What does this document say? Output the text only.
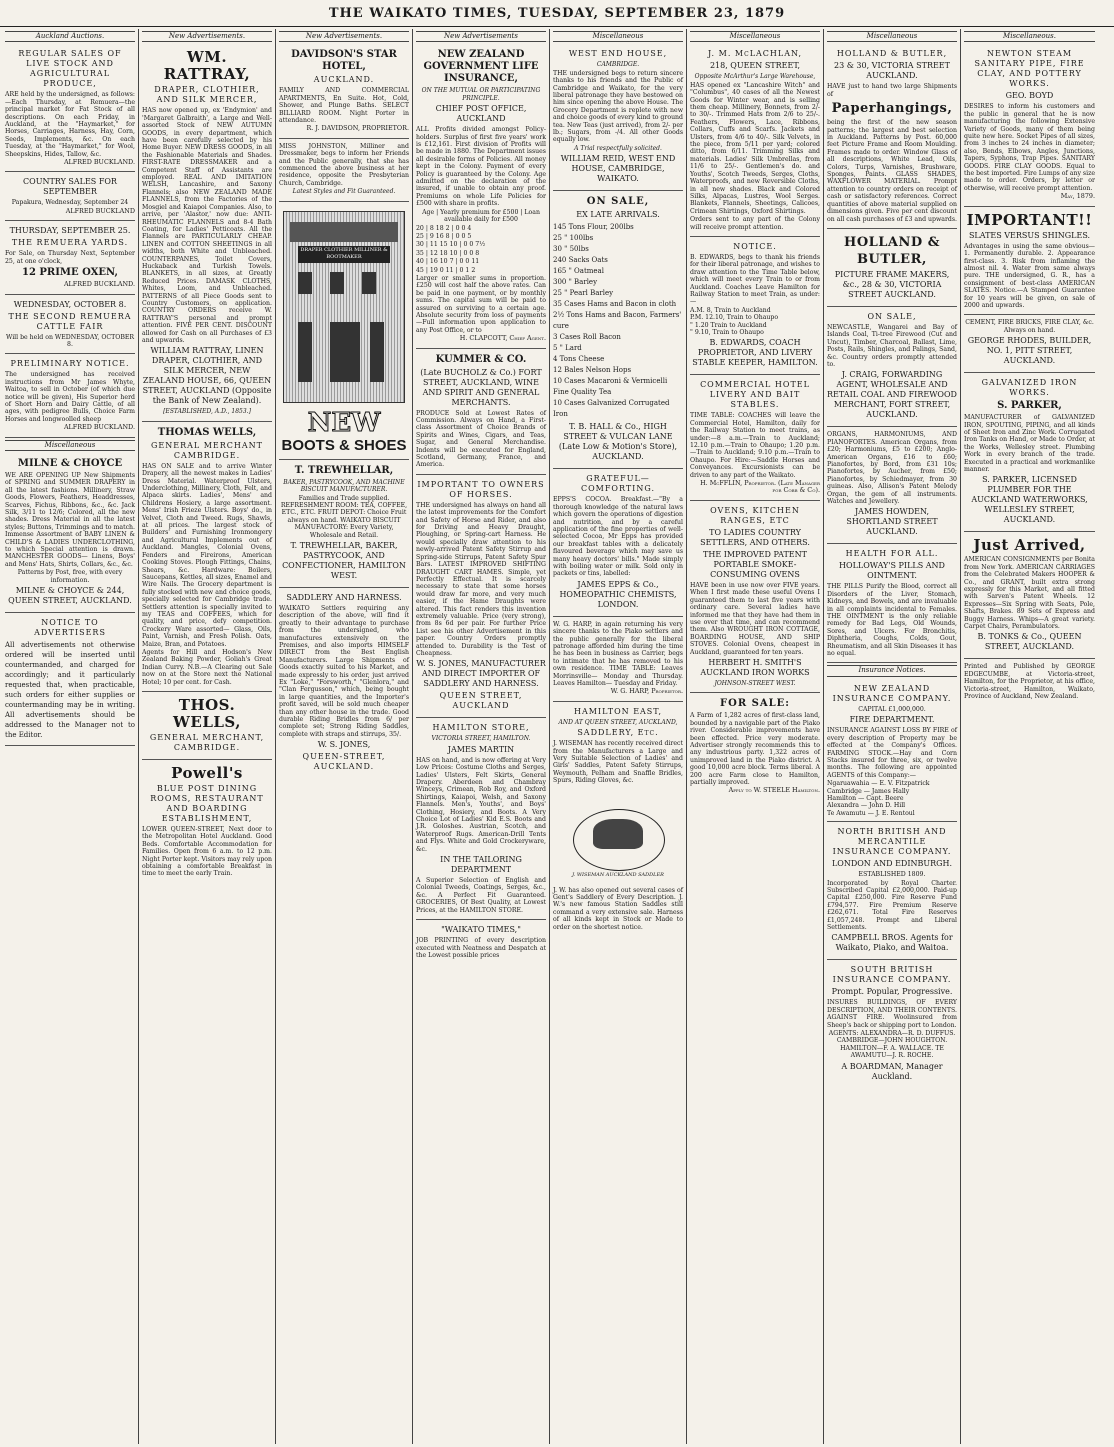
THE WAIKATO TIMES, TUESDAY, SEPTEMBER 23, 1879
Auckland Auctions.
REGULAR SALES OF LIVE STOCK AND AGRICULTURAL PRODUCE,

ARE held by the undersigned, as follows:—Each Thursday, at Remuera—the principal market for Fat Stock of all descriptions. On each Friday, in Auckland, at the "Haymarket," for Horses, Carriages, Harness, Hay, Corn, Seeds, Implements, &c. On each Tuesday, at the "Haymarket," for Wool, Sheepskins, Hides, Tallow, &c.

ALFRED BUCKLAND.
COUNTRY SALES FOR SEPTEMBER

Papakura, Wednesday, September 24

ALFRED BUCKLAND
THURSDAY, SEPTEMBER 25.
THE REMUERA YARDS.

For Sale, on Thursday Next, September 25, at one o'clock,

12 PRIME OXEN,
ALFRED BUCKLAND.
WEDNESDAY, OCTOBER 8.
THE SECOND REMUERA CATTLE FAIR

Will be held on WEDNESDAY, OCTOBER 8.

PRELIMINARY NOTICE.

The undersigned has received instructions from Mr James Whyte, Waitoa, to sell in October (of which due notice will be given), His Superior herd of Short Horn and Dairy Cattle, of all ages, with pedigree Bulls, Choice Farm Horses and longwoolled sheep

ALFRED BUCKLAND.
Miscellaneous
MILNE & CHOYCE

WE ARE OPENING UP New Shipments of SPRING and SUMMER DRAPERY in all the latest fashions. Millinery, Straw Goods, Flowers, Feathers, Headdresses, Scarves, Fichus, Ribbons, &c., &c. Jack Silk, 3/11 to 12/6; Colored, all the new shades. Dress Material in all the latest styles; Buttons, Trimmings and to match. Immense Assortment of BABY LINEN & CHILD'S & LADIES UNDERCLOTHING, to which Special attention is drawn. MANCHESTER GOODS— Linens, Boys' and Mens' Hats, Shirts, Collars, &c., &c.

Patterns by Post, free, with every information.

MILNE & CHOYCE & 244, QUEEN STREET, AUCKLAND.
NOTICE TO ADVERTISERS

All advertisements not otherwise ordered will be inserted until countermanded, and charged for accordingly; and it particularly requested that, when practicable, such orders for either supplies or countermanding may be in writing. All advertisements should be addressed to the Manager not to the Editor.

New Advertisements.
WM. RATTRAY,
DRAPER, CLOTHIER, AND SILK MERCER,

HAS now opened up, ex 'Endymion' and 'Margaret Galbraith', a Large and Well-assorted Stock of NEW AUTUMN GOODS, in every department, which have been carefully selected by his Home Buyer. NEW DRESS GOODS, in all the Fashionable Materials and Shades. FIRST-RATE DRESSMAKER and a Competent Staff of Assistants are employed. REAL AND IMITATION WELSH, Lancashire, and Saxony Flannels; also NEW ZEALAND MADE FLANNELS, from the Factories of the Mosgiel and Kaiapoi Companies. Also, to arrive, per 'Alastor,' now due: ANTI-RHEUMATIC FLANNELS and 8-4 Bath Coating, for Ladies' Petticoats. All the Flannels are PARTICULARLY CHEAP. LINEN and COTTON SHEETINGS in all widths, both White and Unbleached. COUNTERPANES, Toilet Covers, Huckaback and Turkish Towels. BLANKETS, in all sizes, at Greatly Reduced Prices. DAMASK CLOTHS, Whites, Loom, and Unbleached. PATTERNS of all Piece Goods sent to Country Customers, on application. COUNTRY ORDERS receive W. RATTRAY'S personal and prompt attention. FIVE PER CENT. DISCOUNT allowed for Cash on all Purchases of £3 and upwards.

WILLIAM RATTRAY, LINEN DRAPER, CLOTHIER, AND SILK MERCER, NEW ZEALAND HOUSE, 66, QUEEN STREET, AUCKLAND (Opposite the Bank of New Zealand).
[ESTABLISHED, A.D., 1853.]
THOMAS WELLS,
GENERAL MERCHANT CAMBRIDGE.

HAS ON SALE and to arrive Winter Drapery, all the newest makes in Ladies' Dress Material. Waterproof Ulsters, Underclothing, Millinery, Cloth, Felt, and Alpaca skirts. Ladies', Mens' and Childrens Hosiery, a large assortment. Mens' Irish Frieze Ulsters. Boys' do., in Velvet, Cloth and Tweed. Rugs, Shawls, at all prices. The largest stock of Builders' and Furnishing Ironmongery and Agricultural Implements out of Auckland. Mangles, Colonial Ovens, Fenders and Fireirons, American Cooking Stoves. Plough Fittings, Chains, Shears, &c. Hardware: Boilers, Saucepans, Kettles, all sizes, Enamel and Wire Nails. The Grocery department is fully stocked with new and choice goods, specially selected for Cambridge trade. Settlers attention is specially invited to my TEAS and COFFEES, which for quality, and price, defy competition. Crockery Ware assorted— Glass, Oils, Paint, Varnish, and Fresh Polish. Oats, Maize, Bran, and Potatoes.

Agents for Hill and Hodson's New Zealand Baking Powder, Goliah's Great Indian Curry. N.B.—A Clearing out Sale now on at the Store next the National Hotel; 10 per cent. for Cash.

THOS. WELLS,
GENERAL MERCHANT, CAMBRIDGE.
Powell's
BLUE POST DINING ROOMS, RESTAURANT AND BOARDING ESTABLISHMENT,

LOWER QUEEN-STREET, Next door to the Metropolitan Hotel Auckland. Good Beds. Comfortable Accommodation for Families. Open from 6 a.m. to 12 p.m. Night Porter kept. Visitors may rely upon obtaining a comfortable Breakfast in time to meet the early Train.

New Advertisements.
DAVIDSON'S STAR HOTEL,
AUCKLAND.

FAMILY AND COMMERCIAL APARTMENTS, En Suite. Hot, Cold, Shower, and Plunge Baths. SELECT BILLIARD ROOM. Night Porter in attendance.

R. J. DAVIDSON, PROPRIETOR.

MISS JOHNSTON, Milliner and Dressmaker, begs to inform her Friends and the Public generally, that she has commenced the above business at her residence, opposite the Presbyterian Church, Cambridge.

Latest Styles and Fit Guaranteed.

DRAPER CLOTHIER MILLINER & BOOTMAKER
NEW
BOOTS & SHOES
T. TREWHELLAR,
BAKER, PASTRYCOOK, AND MACHINE BISCUIT MANUFACTURER.

Families and Trade supplied. REFRESHMENT ROOM: TEA, COFFEE, ETC., ETC. FRUIT DEPOT: Choice Fruit always on hand. WAIKATO BISCUIT MANUFACTORY: Every Variety, Wholesale and Retail.

T. TREWHELLAR, BAKER, PASTRYCOOK, AND CONFECTIONER, HAMILTON WEST.
SADDLERY AND HARNESS.

WAIKATO Settlers requiring any description of the above, will find it greatly to their advantage to purchase from the undersigned, who manufactures extensively on the Premises, and also imports HIMSELF DIRECT from the Best English Manufacturers. Large Shipments of Goods exactly suited to his Market, and made expressly to his order, just arrived Ex "Loke," "Forsworth," "Glenlora," and "Clan Fergusson," which, being bought in large quantities, and the Importer's profit saved, will be sold much cheaper than any other house in the trade. Good durable Riding Bridles from 6/ per complete set; Strong Riding Saddles, complete with straps and stirrups, 35/.

W. S. JONES,
QUEEN-STREET, AUCKLAND.
New Advertisements
NEW ZEALAND GOVERNMENT LIFE INSURANCE,
ON THE MUTUAL OR PARTICIPATING PRINCIPLE.
CHIEF POST OFFICE, AUCKLAND

ALL Profits divided amongst Policy-holders. Surplus of first five years' work is £12,161. First division of Profits will be made in 1880. The Department issues all desirable forms of Policies. All money kept in the Colony. Payment of every Policy is guaranteed by the Colony. Age admitted on the declaration of the insured, if unable to obtain any proof. Premiums on whole Life Policies for £500 with share in profits.

Age | Yearly premium for £500 | Loan available daily for £500
20 | 8 18 2 | 0 0 4
25 | 9 16 8 | 0 0 5
30 | 11 15 10 | 0 0 7½
35 | 12 18 10 | 0 0 8
40 | 16 10 7 | 0 0 11
45 | 19 0 11 | 0 1 2

Larger or smaller sums in proportion. £250 will cost half the above rates. Can be paid in one payment, or by monthly sums. The capital sum will be paid to assured on surviving to a certain age. Absolute security from loss of payments—Full information upon application to any Post Office, or to

H. CLAPCOTT, Chief Agent.
KUMMER & CO.
(Late BUCHOLZ & Co.) FORT STREET, AUCKLAND, WINE AND SPIRIT AND GENERAL MERCHANTS.

PRODUCE Sold at Lowest Rates of Commission. Always on Hand, a First-class Assortment of Choice Brands of Spirits and Wines, Cigars, and Teas, Sugar, and General Merchandise. Indents will be executed for England, Scotland, Germany, France, and America.

IMPORTANT TO OWNERS OF HORSES.

THE undersigned has always on hand all the latest improvements for the Comfort and Safety of Horse and Rider, and also for Driving and Heavy Draught, Ploughing, or Spring-cart Harness. He would specially draw attention to his newly-arrived Patent Safety Stirrup and Spring-side Stirrups, Patent Safety Spur Bars. LATEST IMPROVED SHIFTING DRAUGHT CART HAMES. Simple, yet Perfectly Effectual. It is scarcely necessary to state that some horses would draw far more, and very much easier, if the Hame Draughts were altered. This fact renders this invention extremely valuable. Price (very strong), from 8s 6d per pair. For further Price List see his other Advertisement in this paper. Country Orders promptly attended to. Durability is the Test of Cheapness.

W. S. JONES, MANUFACTURER AND DIRECT IMPORTER OF SADDLERY AND HARNESS.
QUEEN STREET, AUCKLAND
HAMILTON STORE,
VICTORIA STREET, HAMILTON.
JAMES MARTIN

HAS on hand, and is now offering at Very Low Prices: Costume Cloths and Serges, Ladies' Ulsters, Felt Skirts, General Drapery. Aberdeen and Chambray Winceys, Crimean, Rob Roy, and Oxford Shirtings, Kaiapoi, Welsh, and Saxony Flannels. Men's, Youths', and Boys' Clothing, Hosiery, and Boots. A Very Choice Lot of Ladies' Kid E.S. Boots and J.R. Goloshes. Austrian, Scotch, and Waterproof Rugs. American-Drill Tents and Flys. White and Gold Crockeryware, &c.

IN THE TAILORING DEPARTMENT

A Superior Selection of English and Colonial Tweeds, Coatings, Serges, &c., &c. A Perfect Fit Guaranteed. GROCERIES, Of Best Quality, at Lowest Prices, at the HAMILTON STORE.

"WAIKATO TIMES,"

JOB PRINTING of every description executed with Neatness and Despatch at the Lowest possible prices

Miscellaneous
WEST END HOUSE,
CAMBRIDGE.

THE undersigned begs to return sincere thanks to his friends and the Public of Cambridge and Waikato, for the very liberal patronage they have bestowed on him since opening the above House. The Grocery Department is replete with new and choice goods of every kind to ground tea. New Teas (just arrived), from 2/- per lb.; Sugars, from -/4. All other Goods equally low.

A Trial respectfully solicited.

WILLIAM REID, WEST END HOUSE, CAMBRIDGE, WAIKATO.
ON SALE,
EX LATE ARRIVALS.
145 Tons Flour, 200lbs
25 " 100lbs
30 " 50lbs
240 Sacks Oats
165 " Oatmeal
300 " Barley
25 " Pearl Barley
35 Cases Hams and Bacon in cloth
2½ Tons Hams and Bacon, Farmers' cure
3 Cases Roll Bacon
5 " Lard
4 Tons Cheese
12 Bales Nelson Hops
10 Cases Macaroni & Vermicelli
Fine Quality Tea
10 Cases Galvanized Corrugated Iron
T. B. HALL & Co., HIGH STREET & VULCAN LANE (Late Low & Motion's Store), AUCKLAND.
GRATEFUL—COMFORTING.

EPPS'S COCOA. Breakfast.—"By a thorough knowledge of the natural laws which govern the operations of digestion and nutrition, and by a careful application of the fine properties of well-selected Cocoa, Mr Epps has provided our breakfast tables with a delicately flavoured beverage which may save us many heavy doctors' bills." Made simply with boiling water or milk. Sold only in packets or tins, labelled:

JAMES EPPS & Co., HOMEOPATHIC CHEMISTS, LONDON.

W. G. HARP, in again returning his very sincere thanks to the Piako settlers and the public generally for the liberal patronage afforded him during the time he has been in business as Carrier, begs to intimate that he has removed to his own residence. TIME TABLE: Leaves Morrinsville— Monday and Thursday. Leaves Hamilton— Tuesday and Friday.

W. G. HARP, Proprietor.
HAMILTON EAST,
AND AT QUEEN STREET, AUCKLAND,
SADDLERY, Etc.

J. WISEMAN has recently received direct from the Manufacturers a Large and Very Suitable Selection of Ladies' and Girls' Saddles, Patent Safety Stirrups, Weymouth, Pelham and Snaffle Bridles, Spurs, Riding Gloves, &c.

J. WISEMAN AUCKLAND SADDLER

J. W. has also opened out several cases of Gent's Saddlery of Every Description. J. W.'s new famous Station Saddles still command a very extensive sale. Harness of all kinds kept in Stock or Made to order on the shortest notice.

Miscellaneous
J. M. McLACHLAN,
218, QUEEN STREET,
Opposite McArthur's Large Warehouse,

HAS opened ex "Lancashire Witch" and "Columbus", 40 cases of all the Newest Goods for Winter wear, and is selling them cheap. Millinery, Bonnets, from 2/- to 30/-. Trimmed Hats from 2/6 to 25/-. Feathers, Flowers, Lace, Ribbons, Collars, Cuffs and Scarfs. Jackets and Ulsters, from 4/6 to 40/-. Silk Velvets, in the piece, from 5/11 per yard; colored ditto, from 6/11. Trimming Silks and materials. Ladies' Silk Umbrellas, from 11/6 to 25/-. Gentlemen's do. and Youths', Scotch Tweeds, Serges, Cloths, Waterproofs, and new Reversible Cloths, in all new shades. Black and Colored Silks, Alpacas, Lustres, Wool Serges. Blankets, Flannels, Sheetings, Calicoes, Crimean Shirtings, Oxford Shirtings.

Orders sent to any part of the Colony will receive prompt attention.

NOTICE.

B. EDWARDS, begs to thank his friends for their liberal patronage, and wishes to draw attention to the Time Table below, which will meet every Train to or from Auckland. Coaches Leave Hamilton for Railway Station to meet Train, as under:—

A.M. 8, Train to Auckland
P.M. 12.10, Train to Ohaupo
" 1.20 Train to Auckland
" 9.10, Train to Ohaupo
B. EDWARDS, COACH PROPRIETOR, AND LIVERY STABLE KEEPER, HAMILTON.
COMMERCIAL HOTEL LIVERY AND BAIT STABLES.

TIME TABLE: COACHES will leave the Commercial Hotel, Hamilton, daily for the Railway Station to meet trains, as under:—8 a.m.—Train to Auckland; 12.10 p.m.—Train to Ohaupo; 1.20 p.m.—Train to Auckland; 9.10 p.m.—Train to Ohaupo. For Hire:—Saddle Horses and Conveyances. Excursionists can be driven to any part of the Waikato.

H. McFFLIN, Proprietor. (Late Manager for Cobb & Co).
OVENS, KITCHEN RANGES, ETC
TO LADIES COUNTRY SETTLERS, AND OTHERS.
THE IMPROVED PATENT PORTABLE SMOKE-CONSUMING OVENS

HAVE been in use now over FIVE years. When I first made these useful Ovens I guaranteed them to last five years with ordinary care. Several ladies have informed me that they have had them in use over that time, and can recommend them. Also WROUGHT IRON COTTAGE, BOARDING HOUSE, AND SHIP STOVES. Colonial Ovens, cheapest in Auckland, guaranteed for ten years.

HERBERT H. SMITH'S AUCKLAND IRON WORKS
JOHNSON-STREET WEST.
FOR SALE:

A Farm of 1,282 acres of first-class land, bounded by a navigable part of the Piako river. Considerable improvements have been effected. Price very moderate. Advertiser strongly recommends this to any industrious party. 1,322 acres of unimproved land in the Piako district. A good 10,000 acre block. Terms liberal. A 200 acre Farm close to Hamilton, partially improved.

Apply to W. STEELE Hamilton.
Miscellaneous
HOLLAND & BUTLER,
23 & 30, VICTORIA STREET AUCKLAND.

HAVE just to hand two large Shipments of

Paperhangings,

being the first of the new season patterns; the largest and best selection in Auckland. Patterns by Post. 60,000 feet Picture Frame and Room Moulding. Frames made to order. Window Glass of all descriptions, White Lead, Oils, Colors, Turps, Varnishes, Brushware, Sponges, Paints. GLASS SHADES, WAXFLOWER MATERIAL. Prompt attention to country orders on receipt of cash or satisfactory references. Correct quantities of above material supplied on dimensions given. Five per cent discount on all cash purchases of £3 and upwards.

HOLLAND & BUTLER,
PICTURE FRAME MAKERS, &c., 28 & 30, VICTORIA STREET AUCKLAND.
ON SALE,

NEWCASTLE, Wangarei and Bay of Islands Coal, Ti-tree Firewood (Cut and Uncut), Timber, Charcoal, Ballast, Lime, Posts, Rails, Shingles, and Palings, Sand, &c. Country orders promptly attended to.

J. CRAIG, FORWARDING AGENT, WHOLESALE AND RETAIL COAL AND FIREWOOD MERCHANT, FORT STREET, AUCKLAND.

ORGANS, HARMONIUMS, AND PIANOFORTES. American Organs, from £20; Harmoniums, £5 to £200; Anglo-American Organs, £16 to £60; Pianofortes, by Bord, from £31 10s; Pianofortes, by Aucher, from £50; Pianofortes, by Schiedmayer, from 30 guineas. Also, Allison's Patent Melody Organ, the gem of all instruments. Watches and Jewellery.

JAMES HOWDEN, SHORTLAND STREET AUCKLAND.
HEALTH FOR ALL.
HOLLOWAY'S PILLS AND OINTMENT.

THE PILLS Purify the Blood, correct all Disorders of the Liver, Stomach, Kidneys, and Bowels, and are invaluable in all complaints incidental to Females. THE OINTMENT is the only reliable remedy for Bad Legs, Old Wounds, Sores, and Ulcers. For Bronchitis, Diphtheria, Coughs, Colds, Gout, Rheumatism, and all Skin Diseases it has no equal.

Insurance Notices.
NEW ZEALAND INSURANCE COMPANY.
CAPITAL £1,000,000.
FIRE DEPARTMENT.

INSURANCE AGAINST LOSS BY FIRE of every description of Property may be effected at the Company's Offices. FARMING STOCK.—Hay and Corn Stacks insured for three, six, or twelve months. The following are appointed AGENTS of this Company:—

Ngaruawahia — E. V. Fitzpatrick
Cambridge — James Hally
Hamilton — Capt. Beere
Alexandra — John D. Hill
Te Awamutu — J. E. Rentoul
NORTH BRITISH AND MERCANTILE INSURANCE COMPANY.
LONDON AND EDINBURGH.
ESTABLISHED 1809.

Incorporated by Royal Charter. Subscribed Capital £2,000,000. Paid-up Capital £250,000. Fire Reserve Fund £794,577. Fire Premium Reserve £262,671. Total Fire Reserves £1,057,248. Prompt and Liberal Settlements.

CAMPBELL BROS. Agents for Waikato, Piako, and Waitoa.
SOUTH BRITISH INSURANCE COMPANY.
Prompt. Popular, Progressive.

INSURES BUILDINGS, OF EVERY DESCRIPTION, AND THEIR CONTENTS. AGAINST FIRE. Woolinsured from Sheep's back or shipping port to London.

AGENTS: ALEXANDRA—R. D. DUFFUS. CAMBRIDGE—JOHN HOUGHTON. HAMILTON—F. A. WALLACE. TE AWAMUTU—J. R. ROCHE.

A BOARDMAN, Manager Auckland.
Miscellaneous.
NEWTON STEAM SANITARY PIPE, FIRE CLAY, AND POTTERY WORKS.
GEO. BOYD

DESIRES to inform his customers and the public in general that he is now manufacturing the following Extensive Variety of Goods, many of them being quite new here. Socket Pipes of all sizes, from 3 inches to 24 inches in diameter; also, Bends, Elbows, Angles, Junctions, Tapers, Syphons, Trap Pipes. SANITARY GOODS. FIRE CLAY GOODS. Equal to the best imported. Fire Lumps of any size made to order. Orders, by letter or otherwise, will receive prompt attention.

May, 1879.
IMPORTANT!!
SLATES VERSUS SHINGLES.

Advantages in using the same obvious— 1. Permanently durable. 2. Appearance first-class. 3. Risk from inflaming the almost nil. 4. Water from same always pure. THE undersigned, G. R., has a consignment of best-class AMERICAN SLATES. Notice.—A Stamped Guarantee for 10 years will be given, on sale of 2000 and upwards.

CEMENT, FIRE BRICKS, FIRE CLAY, &c. Always on hand.

GEORGE RHODES, BUILDER, NO. 1, PITT STREET, AUCKLAND.
GALVANIZED IRON WORKS.
S. PARKER,

MANUFACTURER of GALVANIZED IRON, SPOUTING, PIPING, and all kinds of Sheet Iron and Zinc Work. Corrugated Iron Tanks on Hand, or Made to Order, at the Works, Wellesley street. Plumbing Work in every branch of the trade. Executed in a practical and workmanlike manner.

S. PARKER, LICENSED PLUMBER FOR THE AUCKLAND WATERWORKS, WELLESLEY STREET, AUCKLAND.
Just Arrived,

AMERICAN CONSIGNMENTS per Bonita from New York. AMERICAN CARRIAGES from the Celebrated Makers HOOPER & Co., and GRANT, built extra strong expressly for this Market, and all fitted with Sarven's Patent Wheels. 12 Expresses—Six Spring with Seats, Pole, Shafts, Brakes. 89 Sets of Express and Buggy Harness. Whips—A great variety. Carpet Chairs, Perambulators.

B. TONKS & Co., QUEEN STREET, AUCKLAND.

Printed and Published by GEORGE EDGECUMBE, at Victoria-street, Hamilton, for the Proprietor, at his office, Victoria-street, Hamilton, Waikato, Province of Auckland, New Zealand.
